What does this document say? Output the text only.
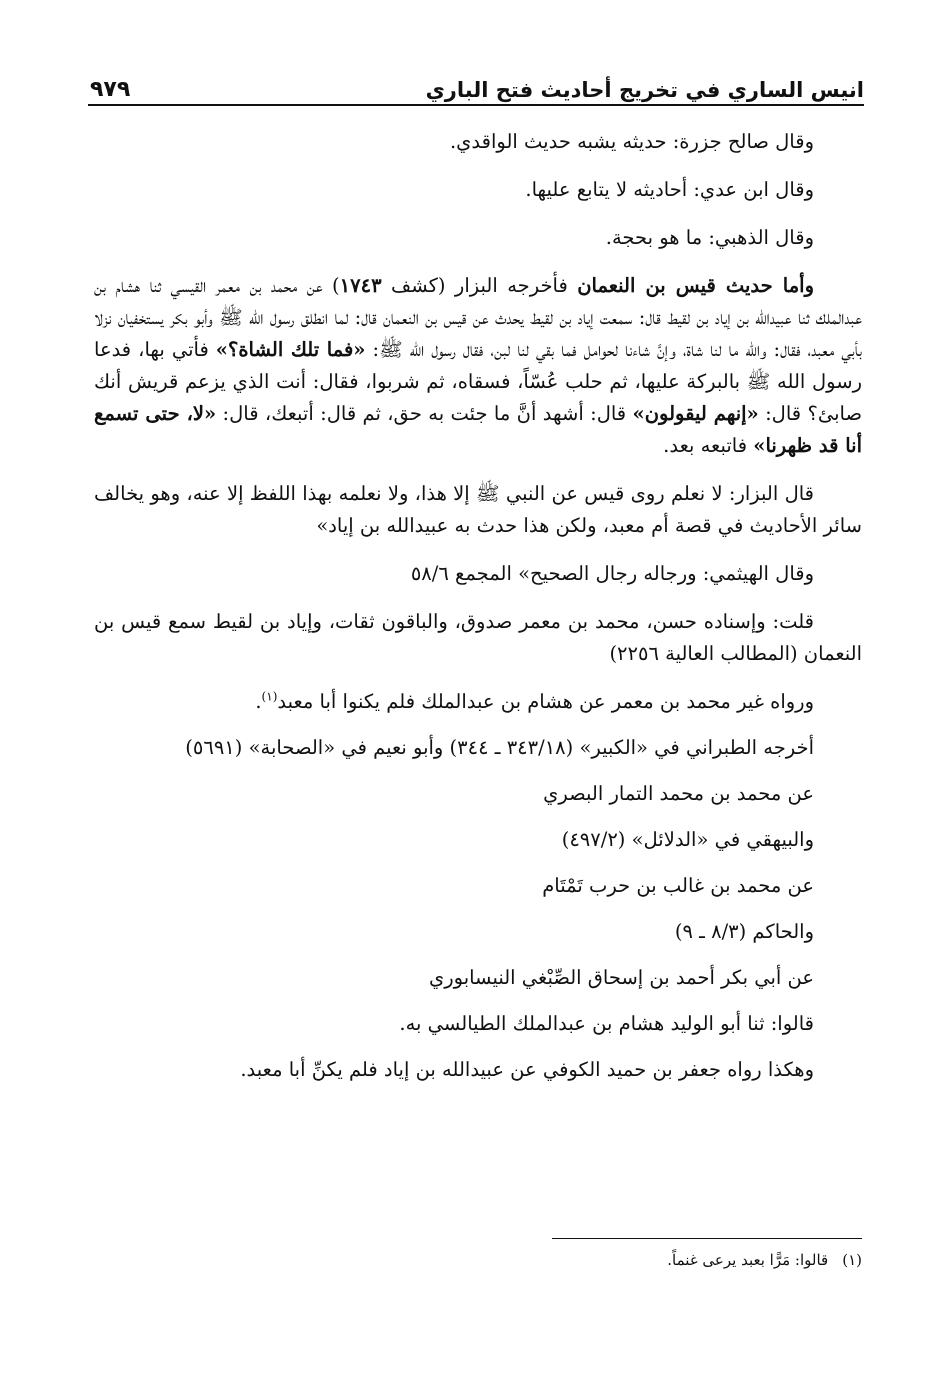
انيس الساري في تخريج أحاديث فتح الباري
٩٧٩

وقال صالح جزرة: حديثه يشبه حديث الواقدي.

وقال ابن عدي: أحاديثه لا يتابع عليها.

وقال الذهبي: ما هو بحجة.

وأما حديث قيس بن النعمان فأخرجه البزار (كشف ١٧٤٣) عن محمد بن معمر القيسي ثنا هشام بن عبدالملك ثنا عبيدالله بن إياد بن لقيط قال: سمعت إياد بن لقيط يحدث عن قيس بن النعمان قال: لما انطلق رسول الله ﷺ وأبو بكر يستخفيان نزلا بأبي معبد، فقال: والله ما لنا شاة، وإنَّ شاءنا لحوامل فما بقي لنا لبن، فقال رسول الله ﷺ: «فما تلك الشاة؟» فأتي بها، فدعا رسول الله ﷺ بالبركة عليها، ثم حلب عُسّاً، فسقاه، ثم شربوا، فقال: أنت الذي يزعم قريش أنك صابئ؟ قال: «إنهم ليقولون» قال: أشهد أنَّ ما جئت به حق، ثم قال: أتبعك، قال: «لا، حتى تسمع أنا قد ظهرنا» فاتبعه بعد.

قال البزار: لا نعلم روى قيس عن النبي ﷺ إلا هذا، ولا نعلمه بهذا اللفظ إلا عنه، وهو يخالف سائر الأحاديث في قصة أم معبد، ولكن هذا حدث به عبيدالله بن إياد»

وقال الهيثمي: ورجاله رجال الصحيح» المجمع ٥٨/٦

قلت: وإسناده حسن، محمد بن معمر صدوق، والباقون ثقات، وإياد بن لقيط سمع قيس بن النعمان (المطالب العالية ٢٢٥٦)

ورواه غير محمد بن معمر عن هشام بن عبدالملك فلم يكنوا أبا معبد$^{(١)}$.

أخرجه الطبراني في «الكبير» (٣٤٣/١٨ ـ ٣٤٤) وأبو نعيم في «الصحابة» (٥٦٩١)

عن محمد بن محمد التمار البصري

والبيهقي في «الدلائل» (٤٩٧/٢)

عن محمد بن غالب بن حرب تَمْتَام

والحاكم (٨/٣ ـ ٩)

عن أبي بكر أحمد بن إسحاق الصِّبْغي النيسابوري

قالوا: ثنا أبو الوليد هشام بن عبدالملك الطيالسي به.

وهكذا رواه جعفر بن حميد الكوفي عن عبيدالله بن إياد فلم يكنِّ أبا معبد.

(١)قالوا: مَرًّا بعبد يرعى غنماً.
